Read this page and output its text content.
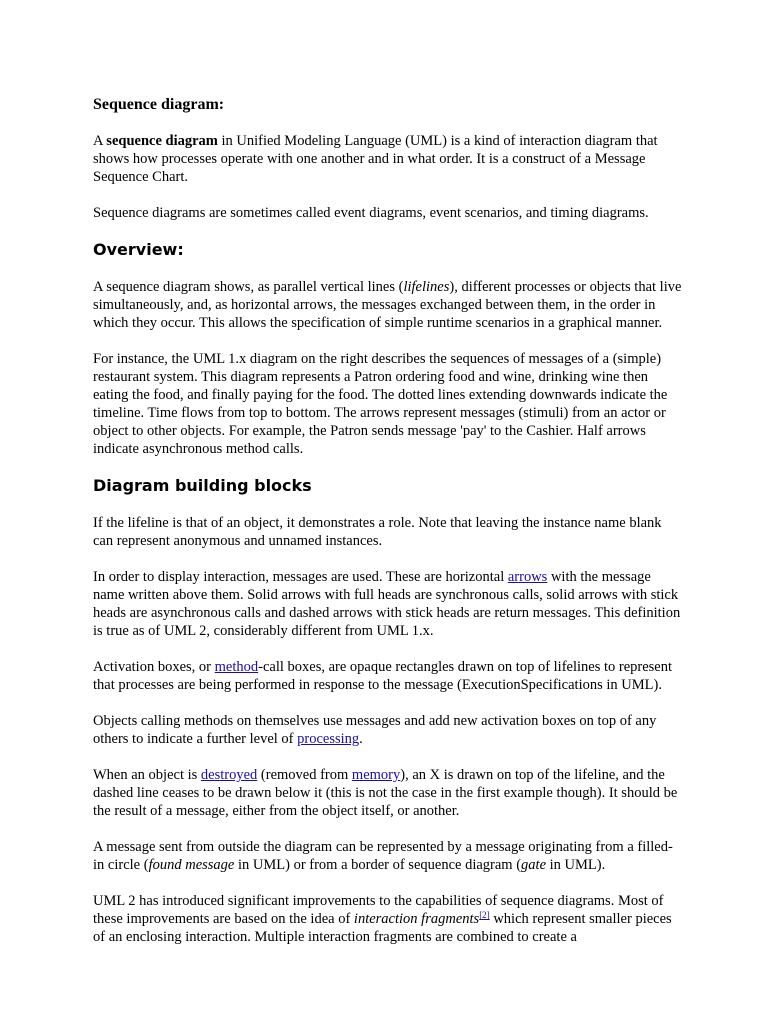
Sequence diagram:

A sequence diagram in Unified Modeling Language (UML) is a kind of interaction diagram that shows how processes operate with one another and in what order. It is a construct of a Message Sequence Chart.

Sequence diagrams are sometimes called event diagrams, event scenarios, and timing diagrams.

Overview:

A sequence diagram shows, as parallel vertical lines (lifelines), different processes or objects that live simultaneously, and, as horizontal arrows, the messages exchanged between them, in the order in which they occur. This allows the specification of simple runtime scenarios in a graphical manner.

For instance, the UML 1.x diagram on the right describes the sequences of messages of a (simple) restaurant system. This diagram represents a Patron ordering food and wine, drinking wine then eating the food, and finally paying for the food. The dotted lines extending downwards indicate the timeline. Time flows from top to bottom. The arrows represent messages (stimuli) from an actor or object to other objects. For example, the Patron sends message 'pay' to the Cashier. Half arrows indicate asynchronous method calls.

Diagram building blocks

If the lifeline is that of an object, it demonstrates a role. Note that leaving the instance name blank can represent anonymous and unnamed instances.

In order to display interaction, messages are used. These are horizontal arrows with the message name written above them. Solid arrows with full heads are synchronous calls, solid arrows with stick heads are asynchronous calls and dashed arrows with stick heads are return messages. This definition is true as of UML 2, considerably different from UML 1.x.

Activation boxes, or method-call boxes, are opaque rectangles drawn on top of lifelines to represent that processes are being performed in response to the message (ExecutionSpecifications in UML).

Objects calling methods on themselves use messages and add new activation boxes on top of any others to indicate a further level of processing.

When an object is destroyed (removed from memory), an X is drawn on top of the lifeline, and the dashed line ceases to be drawn below it (this is not the case in the first example though). It should be the result of a message, either from the object itself, or another.

A message sent from outside the diagram can be represented by a message originating from a filled-in circle (found message in UML) or from a border of sequence diagram (gate in UML).

UML 2 has introduced significant improvements to the capabilities of sequence diagrams. Most of these improvements are based on the idea of interaction fragments[2] which represent smaller pieces of an enclosing interaction. Multiple interaction fragments are combined to create a
